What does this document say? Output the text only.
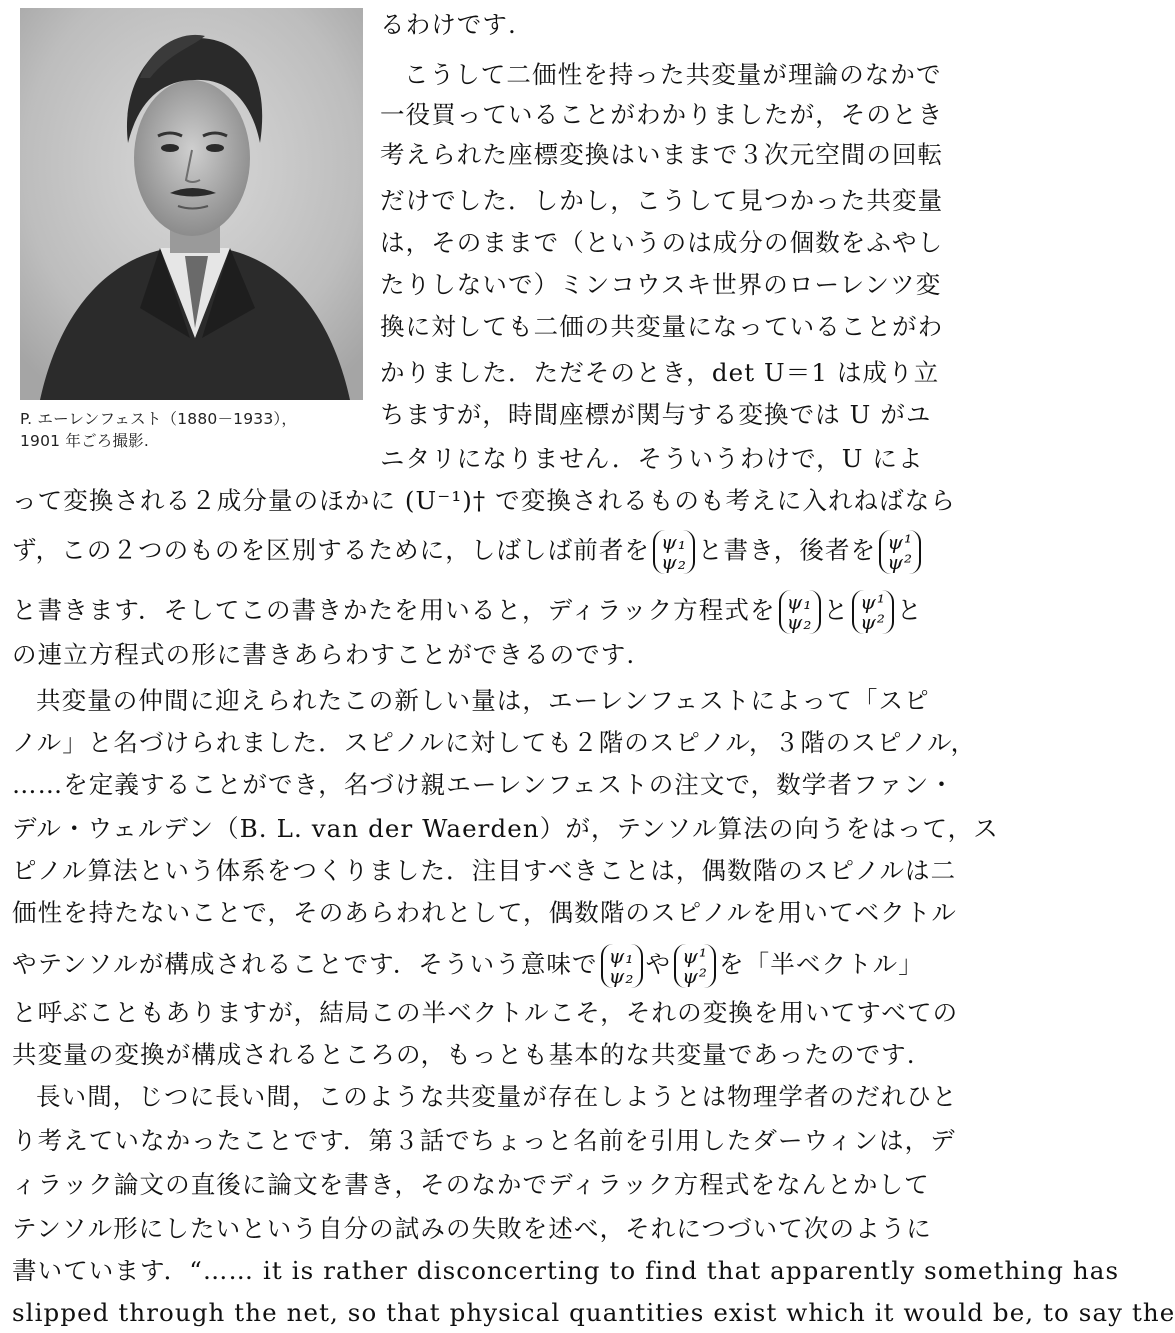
P. エーレンフェスト（1880－1933），
1901 年ごろ撮影.
るわけです.
こうして二価性を持った共変量が理論のなかで
一役買っていることがわかりましたが，そのとき
考えられた座標変換はいままで３次元空間の回転
だけでした．しかし，こうして見つかった共変量
は，そのままで（というのは成分の個数をふやし
たりしないで）ミンコウスキ世界のローレンツ変
換に対しても二価の共変量になっていることがわ
かりました．ただそのとき，det U＝1 は成り立
ちますが，時間座標が関与する変換では U がユ
ニタリになりません．そういうわけで，U によ
って変換される２成分量のほかに (U⁻¹)† で変換されるものも考えに入れねばなら
ず，この２つのものを区別するために，しばしば前者を ψ₁
ψ₂ と書き，後者を ψ¹
ψ²
と書きます．そしてこの書きかたを用いると，ディラック方程式を ψ₁
ψ₂ と ψ¹
ψ² と
の連立方程式の形に書きあらわすことができるのです.
共変量の仲間に迎えられたこの新しい量は，エーレンフェストによって「スピ
ノル」と名づけられました．スピノルに対しても２階のスピノル，３階のスピノル，
……を定義することができ，名づけ親エーレンフェストの注文で，数学者ファン・
デル・ウェルデン（B. L. van der Waerden）が，テンソル算法の向うをはって，ス
ピノル算法という体系をつくりました．注目すべきことは，偶数階のスピノルは二
価性を持たないことで，そのあらわれとして，偶数階のスピノルを用いてベクトル
やテンソルが構成されることです．そういう意味で ψ₁
ψ₂ や ψ¹
ψ² を「半ベクトル」
と呼ぶこともありますが，結局この半ベクトルこそ，それの変換を用いてすべての
共変量の変換が構成されるところの，もっとも基本的な共変量であったのです.
長い間，じつに長い間，このような共変量が存在しようとは物理学者のだれひと
り考えていなかったことです．第３話でちょっと名前を引用したダーウィンは，デ
ィラック論文の直後に論文を書き，そのなかでディラック方程式をなんとかして
テンソル形にしたいという自分の試みの失敗を述べ，それにつづいて次のように
書いています．“…… it is rather disconcerting to find that apparently something has
slipped through the net, so that physical quantities exist which it would be, to say the
